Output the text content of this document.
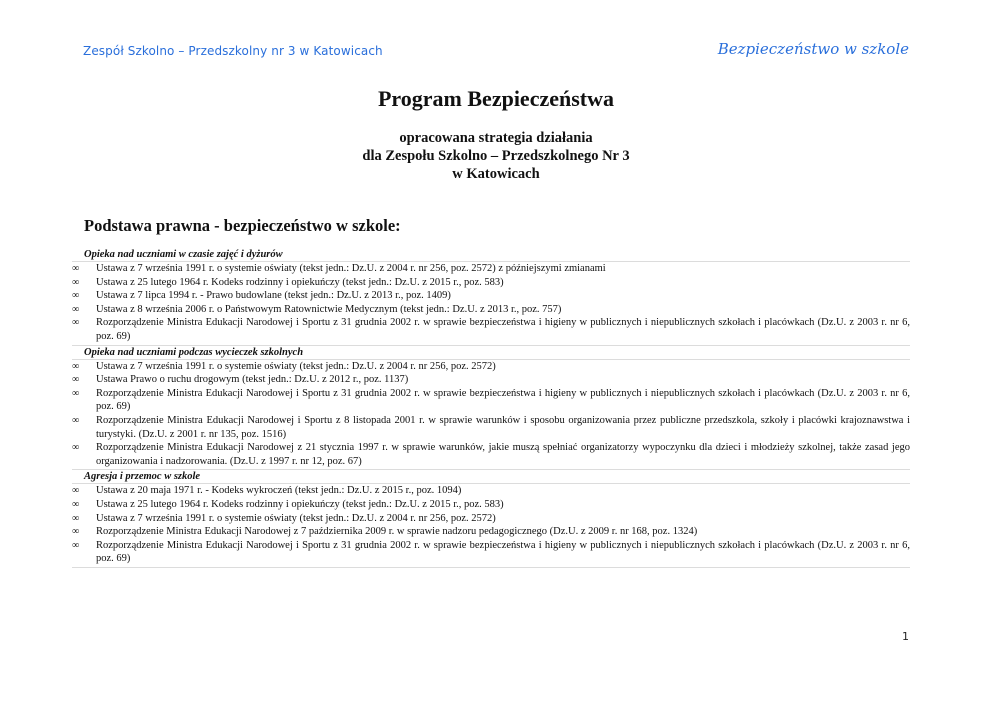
Zespół Szkolno – Przedszkolny nr 3 w Katowicach	Bezpieczeństwo w szkole
Program Bezpieczeństwa
opracowana strategia działania
dla Zespołu Szkolno – Przedszkolnego Nr 3
w Katowicach
Podstawa prawna - bezpieczeństwo w szkole:
Opieka nad uczniami w czasie zajęć i dyżurów
∞	Ustawa z 7 września 1991 r. o systemie oświaty (tekst jedn.: Dz.U. z 2004 r. nr 256, poz. 2572) z późniejszymi zmianami
∞	Ustawa z 25 lutego 1964 r. Kodeks rodzinny i opiekuńczy (tekst jedn.: Dz.U. z 2015 r., poz. 583)
∞	Ustawa z 7 lipca 1994 r. - Prawo budowlane (tekst jedn.: Dz.U. z 2013 r., poz. 1409)
∞	Ustawa z 8 września 2006 r. o Państwowym Ratownictwie Medycznym (tekst jedn.: Dz.U. z 2013 r., poz. 757)
∞	Rozporządzenie Ministra Edukacji Narodowej i Sportu z 31 grudnia 2002 r. w sprawie bezpieczeństwa i higieny w publicznych i niepublicznych szkołach i placówkach (Dz.U. z 2003 r. nr 6, poz. 69)
Opieka nad uczniami podczas wycieczek szkolnych
∞	Ustawa z 7 września 1991 r. o systemie oświaty (tekst jedn.: Dz.U. z 2004 r. nr 256, poz. 2572)
∞	Ustawa Prawo o ruchu drogowym (tekst jedn.: Dz.U. z 2012 r., poz. 1137)
∞	Rozporządzenie Ministra Edukacji Narodowej i Sportu z 31 grudnia 2002 r. w sprawie bezpieczeństwa i higieny w publicznych i niepublicznych szkołach i placówkach (Dz.U. z 2003 r. nr 6, poz. 69)
∞	Rozporządzenie Ministra Edukacji Narodowej i Sportu z 8 listopada 2001 r. w sprawie warunków i sposobu organizowania przez publiczne przedszkola, szkoły i placówki krajoznawstwa i turystyki. (Dz.U. z 2001 r. nr 135, poz. 1516)
∞	Rozporządzenie Ministra Edukacji Narodowej z 21 stycznia 1997 r. w sprawie warunków, jakie muszą spełniać organizatorzy wypoczynku dla dzieci i młodzieży szkolnej, także zasad jego organizowania i nadzorowania. (Dz.U. z 1997 r. nr 12, poz. 67)
Agresja i przemoc w szkole
∞	Ustawa z 20 maja 1971 r. - Kodeks wykroczeń (tekst jedn.: Dz.U. z 2015 r., poz. 1094)
∞	Ustawa z 25 lutego 1964 r. Kodeks rodzinny i opiekuńczy (tekst jedn.: Dz.U. z 2015 r., poz. 583)
∞	Ustawa z 7 września 1991 r. o systemie oświaty (tekst jedn.: Dz.U. z 2004 r. nr 256, poz. 2572)
∞	Rozporządzenie Ministra Edukacji Narodowej z 7 października 2009 r. w sprawie nadzoru pedagogicznego (Dz.U. z 2009 r. nr 168, poz. 1324)
∞	Rozporządzenie Ministra Edukacji Narodowej i Sportu z 31 grudnia 2002 r. w sprawie bezpieczeństwa i higieny w publicznych i niepublicznych szkołach i placówkach (Dz.U. z 2003 r. nr 6, poz. 69)
1
